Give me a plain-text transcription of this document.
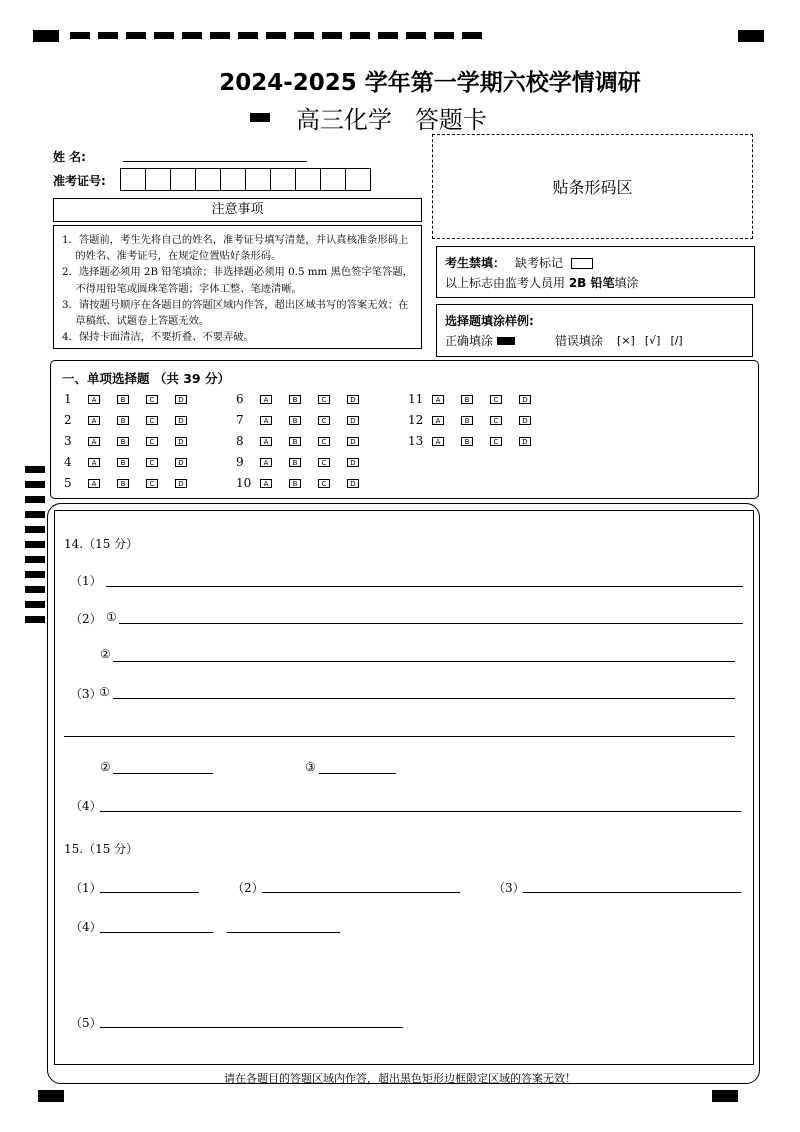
2024-2025 学年第一学期六校学情调研
高三化学   答题卡
姓 名:
准考证号:
注意事项

1．答题前，考生先将自己的姓名，准考证号填写清楚，并认真核准条形码上的姓名、准考证号，在规定位置贴好条形码。

2．选择题必须用 2B 铅笔填涂；非选择题必须用 0.5 mm 黑色签字笔答题，不得用铅笔或圆珠笔答题；字体工整、笔迹清晰。

3．请按题号顺序在各题目的答题区域内作答，超出区域书写的答案无效；在草稿纸、试题卷上答题无效。

4．保持卡面清洁，不要折叠、不要弄破。

贴条形码区
考生禁填： 缺考标记
以上标志由监考人员用 2B 铅笔填涂
选择题填涂样例:
正确填涂	错误填涂 [×] [√] [/]
一、单项选择题 （共 39 分）
1	A	B	C	D
2	A	B	C	D
3	A	B	C	D
4	A	B	C	D
5	A	B	C	D
6	A	B	C	D
7	A	B	C	D
8	A	B	C	D
9	A	B	C	D
10	A	B	C	D
11	A	B	C	D
12	A	B	C	D
13	A	B	C	D
14.（15 分）
（1）
（2） ①
②
（3）
①
②	③
（4）
15.（15 分）
（1）	（2）	（3）
（4）
（5）
请在各题目的答题区域内作答，超出黑色矩形边框限定区域的答案无效！
